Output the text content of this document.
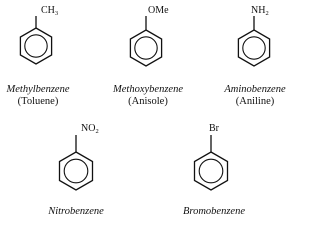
$CH_3$	OMe	$NH_2$
$NO_2$	Br
Methylbenzene
(Toluene)
Methoxybenzene
(Anisole)
Aminobenzene
(Aniline)
Nitrobenzene	Bromobenzene
